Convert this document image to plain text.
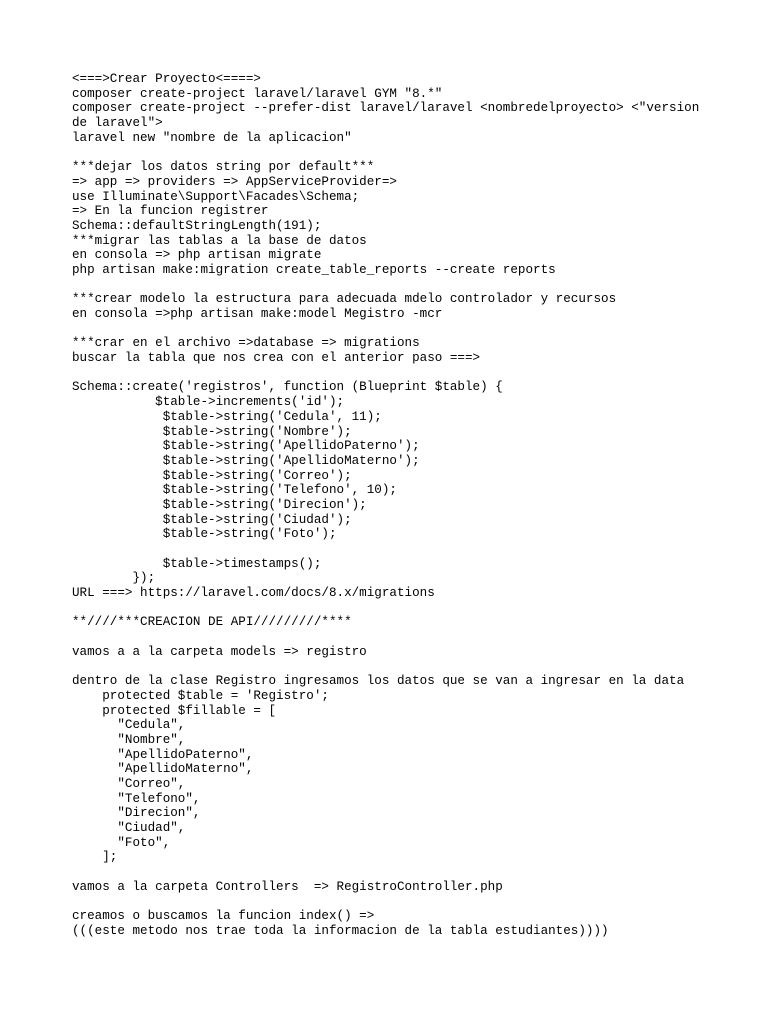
<===>Crear Proyecto<====>
composer create-project laravel/laravel GYM "8.*"
composer create-project --prefer-dist laravel/laravel <nombredelproyecto> <"version
de laravel">
laravel new "nombre de la aplicacion"
***dejar los datos string por default***
=> app => providers => AppServiceProvider=>
use Illuminate\Support\Facades\Schema;
=> En la funcion registrer
Schema::defaultStringLength(191);
***migrar las tablas a la base de datos
en consola => php artisan migrate
php artisan make:migration create_table_reports --create reports
***crear modelo la estructura para adecuada mdelo controlador y recursos
en consola =>php artisan make:model Megistro -mcr
***crar en el archivo =>database => migrations
buscar la tabla que nos crea con el anterior paso ===>
Schema::create('registros', function (Blueprint $table) {
$table->increments('id');
$table->string('Cedula', 11);
$table->string('Nombre');
$table->string('ApellidoPaterno');
$table->string('ApellidoMaterno');
$table->string('Correo');
$table->string('Telefono', 10);
$table->string('Direcion');
$table->string('Ciudad');
$table->string('Foto');
$table->timestamps();
});
URL ===> https://laravel.com/docs/8.x/migrations
**////***CREACION DE API/////////****
vamos a a la carpeta models => registro
dentro de la clase Registro ingresamos los datos que se van a ingresar en la data
protected $table = 'Registro';
protected $fillable = [
"Cedula",
"Nombre",
"ApellidoPaterno",
"ApellidoMaterno",
"Correo",
"Telefono",
"Direcion",
"Ciudad",
"Foto",
];
vamos a la carpeta Controllers  => RegistroController.php
creamos o buscamos la funcion index() =>
(((este metodo nos trae toda la informacion de la tabla estudiantes))))
